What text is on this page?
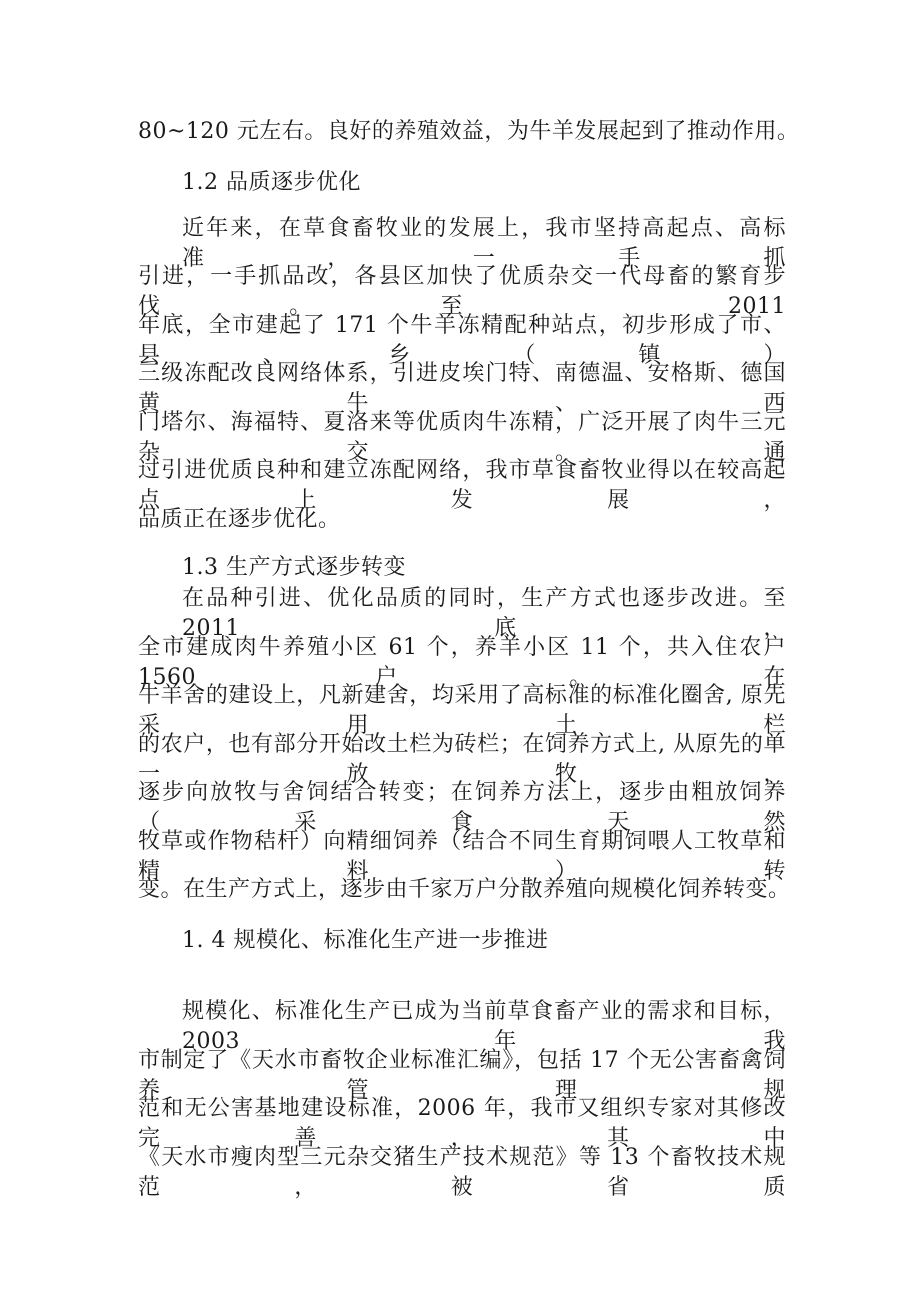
80~120 元左右。良好的养殖效益，为牛羊发展起到了推动作用。
1.2 品质逐步优化
近年来，在草食畜牧业的发展上，我市坚持高起点、高标准，一手抓
引进，一手抓品改，各县区加快了优质杂交一代母畜的繁育步伐。至 2011
年底，全市建起了 171 个牛羊冻精配种站点，初步形成了市、县、乡（镇）
三级冻配改良网络体系，引进皮埃门特、南德温、安格斯、德国黄牛、西
门塔尔、海福特、夏洛来等优质肉牛冻精，广泛开展了肉牛三元杂交。通
过引进优质良种和建立冻配网络，我市草食畜牧业得以在较高起点上发展，
品质正在逐步优化。
1.3 生产方式逐步转变
在品种引进、优化品质的同时，生产方式也逐步改进。至 2011 底，
全市建成肉牛养殖小区 61 个，养羊小区 11 个，共入住农户 1560 户。在
牛羊舍的建设上，凡新建舍，均采用了高标准的标准化圈舍, 原先采用土栏
的农户，也有部分开始改土栏为砖栏；在饲养方式上, 从原先的单一放牧，
逐步向放牧与舍饲结合转变；在饲养方法上，逐步由粗放饲养（采食天然
牧草或作物秸杆）向精细饲养（结合不同生育期饲喂人工牧草和精料）转
变。在生产方式上，逐步由千家万户分散养殖向规模化饲养转变。
1. 4 规模化、标准化生产进一步推进
规模化、标准化生产已成为当前草食畜产业的需求和目标，2003 年我
市制定了《天水市畜牧企业标准汇编》，包括 17 个无公害畜禽饲养管理规
范和无公害基地建设标准，2006 年，我市又组织专家对其修改完善，其中
《天水市瘦肉型三元杂交猪生产技术规范》等 13 个畜牧技术规范，被省质
